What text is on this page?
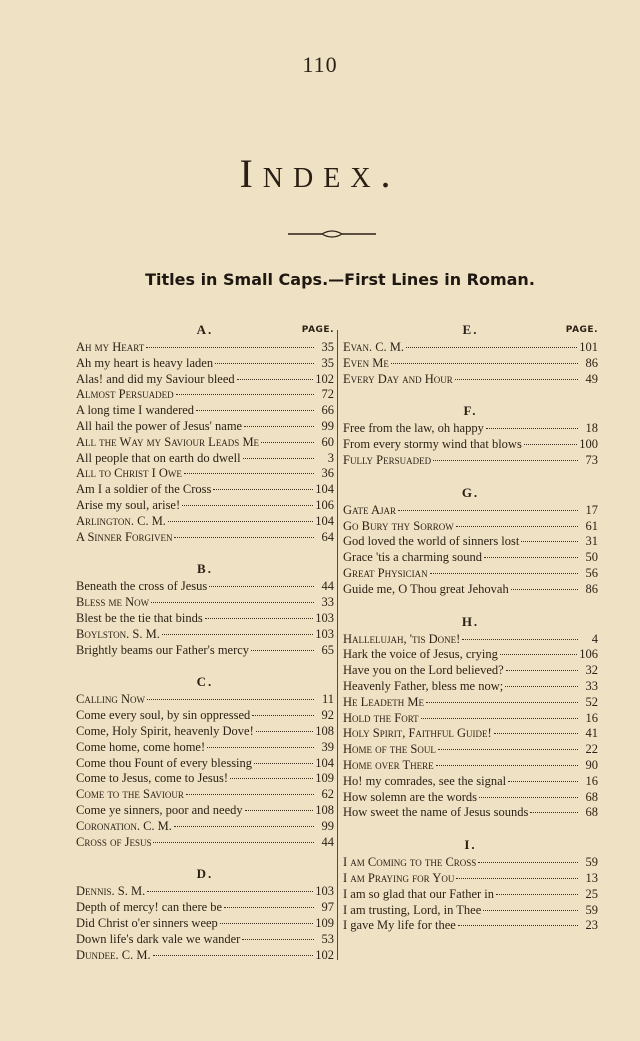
110
Index.
Titles in Small Caps.—First Lines in Roman.
A.	PAGE.
Ah my Heart	35
Ah my heart is heavy laden	35
Alas! and did my Saviour bleed	102
Almost Persuaded	72
A long time I wandered	66
All hail the power of Jesus' name	99
All the Way my Saviour Leads Me	60
All people that on earth do dwell	3
All to Christ I Owe	36
Am I a soldier of the Cross	104
Arise my soul, arise!	106
Arlington. C. M.	104
A Sinner Forgiven	64
B.
Beneath the cross of Jesus	44
Bless me Now	33
Blest be the tie that binds	103
Boylston. S. M.	103
Brightly beams our Father's mercy	65
C.
Calling Now	11
Come every soul, by sin oppressed	92
Come, Holy Spirit, heavenly Dove!	108
Come home, come home!	39
Come thou Fount of every blessing	104
Come to Jesus, come to Jesus!	109
Come to the Saviour	62
Come ye sinners, poor and needy	108
Coronation. C. M.	99
Cross of Jesus	44
D.
Dennis. S. M.	103
Depth of mercy! can there be	97
Did Christ o'er sinners weep	109
Down life's dark vale we wander	53
Dundee. C. M.	102
E.	PAGE.
Evan. C. M.	101
Even Me	86
Every Day and Hour	49
F.
Free from the law, oh happy	18
From every stormy wind that blows	100
Fully Persuaded	73
G.
Gate Ajar	17
Go Bury thy Sorrow	61
God loved the world of sinners lost	31
Grace 'tis a charming sound	50
Great Physician	56
Guide me, O Thou great Jehovah	86
H.
Hallelujah, 'tis Done!	4
Hark the voice of Jesus, crying	106
Have you on the Lord believed?	32
Heavenly Father, bless me now;	33
He Leadeth Me	52
Hold the Fort	16
Holy Spirit, Faithful Guide!	41
Home of the Soul	22
Home over There	90
Ho! my comrades, see the signal	16
How solemn are the words	68
How sweet the name of Jesus sounds	68
I.
I am Coming to the Cross	59
I am Praying for You	13
I am so glad that our Father in	25
I am trusting, Lord, in Thee	59
I gave My life for thee	23
